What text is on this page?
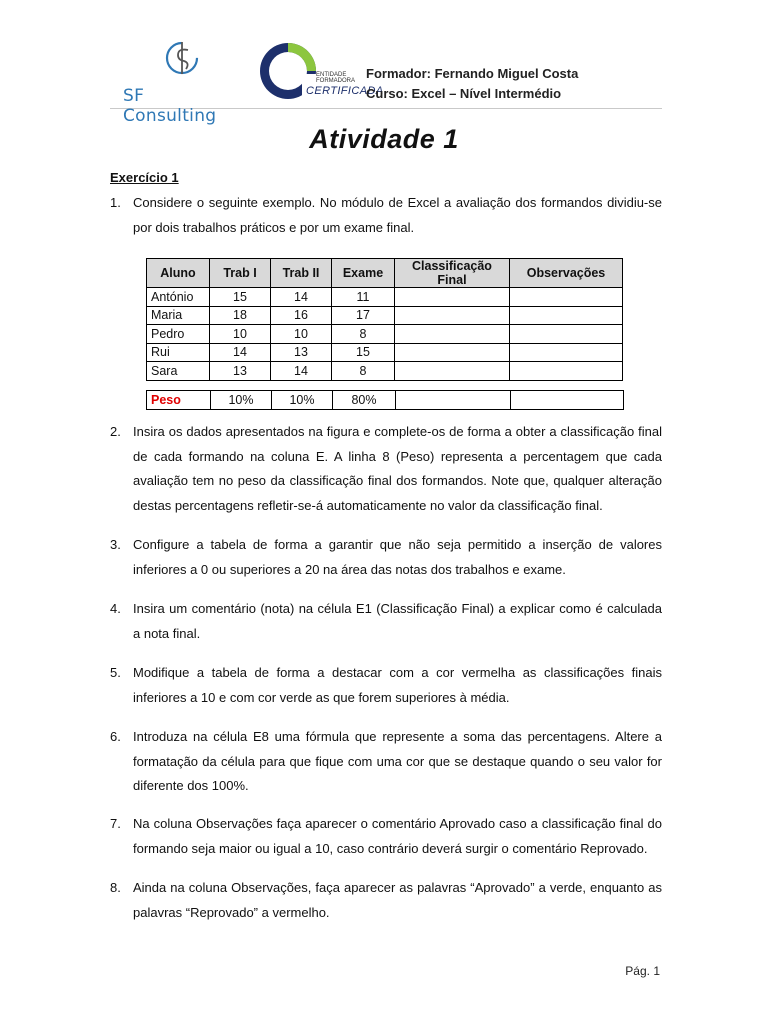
SF Consulting
ENTIDADE
FORMADORA
CERTIFICADA
Formador: Fernando Miguel Costa
Curso: Excel – Nível Intermédio
Atividade 1
Exercício 1
1. Considere o seguinte exemplo. No módulo de Excel a avaliação dos formandos dividiu-se por dois trabalhos práticos e por um exame final.
Aluno	Trab I	Trab II	Exame	Classificação Final	Observações
António	15	14	11		
Maria	18	16	17		
Pedro	10	10	8		
Rui	14	13	15		
Sara	13	14	8		
Peso	10%	10%	80%		
2. Insira os dados apresentados na figura e complete-os de forma a obter a classificação final de cada formando na coluna E. A linha 8 (Peso) representa a percentagem que cada avaliação tem no peso da classificação final dos formandos. Note que, qualquer alteração destas percentagens refletir-se-á automaticamente no valor da classificação final.
3. Configure a tabela de forma a garantir que não seja permitido a inserção de valores inferiores a 0 ou superiores a 20 na área das notas dos trabalhos e exame.
4. Insira um comentário (nota) na célula E1 (Classificação Final) a explicar como é calculada a nota final.
5. Modifique a tabela de forma a destacar com a cor vermelha as classificações finais inferiores a 10 e com cor verde as que forem superiores à média.
6. Introduza na célula E8 uma fórmula que represente a soma das percentagens. Altere a formatação da célula para que fique com uma cor que se destaque quando o seu valor for diferente dos 100%.
7. Na coluna Observações faça aparecer o comentário Aprovado caso a classificação final do formando seja maior ou igual a 10, caso contrário deverá surgir o comentário Reprovado.
8. Ainda na coluna Observações, faça aparecer as palavras “Aprovado” a verde, enquanto as palavras “Reprovado” a vermelho.
Pág. 1
